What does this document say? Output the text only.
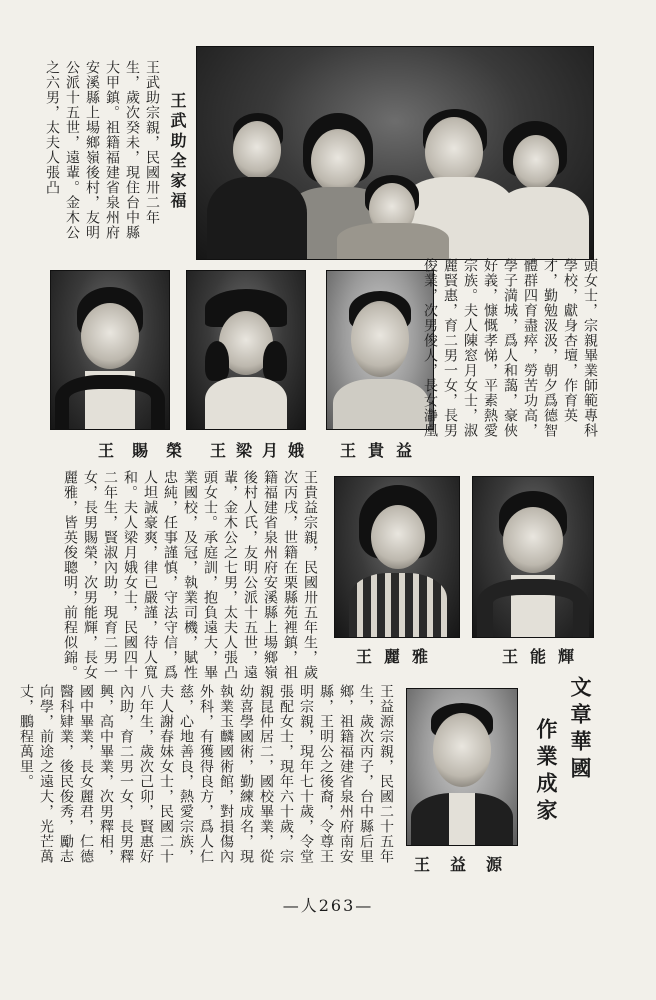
王武助宗親，民國卅二年生，歲次癸未，現住台中縣大甲鎮。祖籍福建省泉州府安溪縣上場鄉嶺後村，友明公派十五世，遠輩。金木公之六男，太夫人張凸	王武助全家福
王賜榮 王梁月娥 王貴益
頭女士，宗親畢業師範專科學校，獻身杏壇，作育英才，勤勉汲汲，朝夕爲德智體群四育盡瘁，勞苦功高，學子満城，爲人和藹，豪俠好義，慷慨孝悌，平素熱愛宗族。夫人陳窓月女士，淑麗賢惠，育二男一女，長男俊業，次男俊人，長女瀞凰
王貴益宗親，民國卅五年生，歲次丙戌，世籍在栗縣苑裡鎮，祖籍福建省泉州府安溪縣上場鄉嶺後村人氏，友明公派十五世，遠輩，金木公之七男，太夫人張凸頭女士。承庭訓，抱負遠大，畢業國校，及冠，執業司機，賦性忠純，任事謹慎，守法守信，爲人坦誠豪爽，律已嚴謹，待人寬和。夫人梁月娥女士，民國四十二年生，賢淑內助，現育二男一女，長男賜榮，次男能輝，長女麗雅，皆英俊聰明，前程似錦。	王麗雅	王能輝
王益源宗親，民國二十五年生，歲次丙子，台中縣后里鄉，祖籍福建省泉州府南安縣，王明公之後裔，令尊王明宗親，現年七十歲，令堂張配女士，現年六十歲，宗親昆仲居二，國校畢業，從幼喜學國術，勤練成名，現執業玉麟國術館，對損傷內外科，有獲得良方，爲人仁慈，心地善良，熱愛宗族，夫人謝春妹女士，民國二十八年生，歲次己卯，賢惠好內助，育二男一女，長男釋興，高中畢業，次男釋相，國中畢業，長女麗君，仁德醫科肄業，後民俊秀，勵志向學，前途之遠大，光芒萬丈，鵬程萬里。	文章華國
作業成家
王益源
—人263—
